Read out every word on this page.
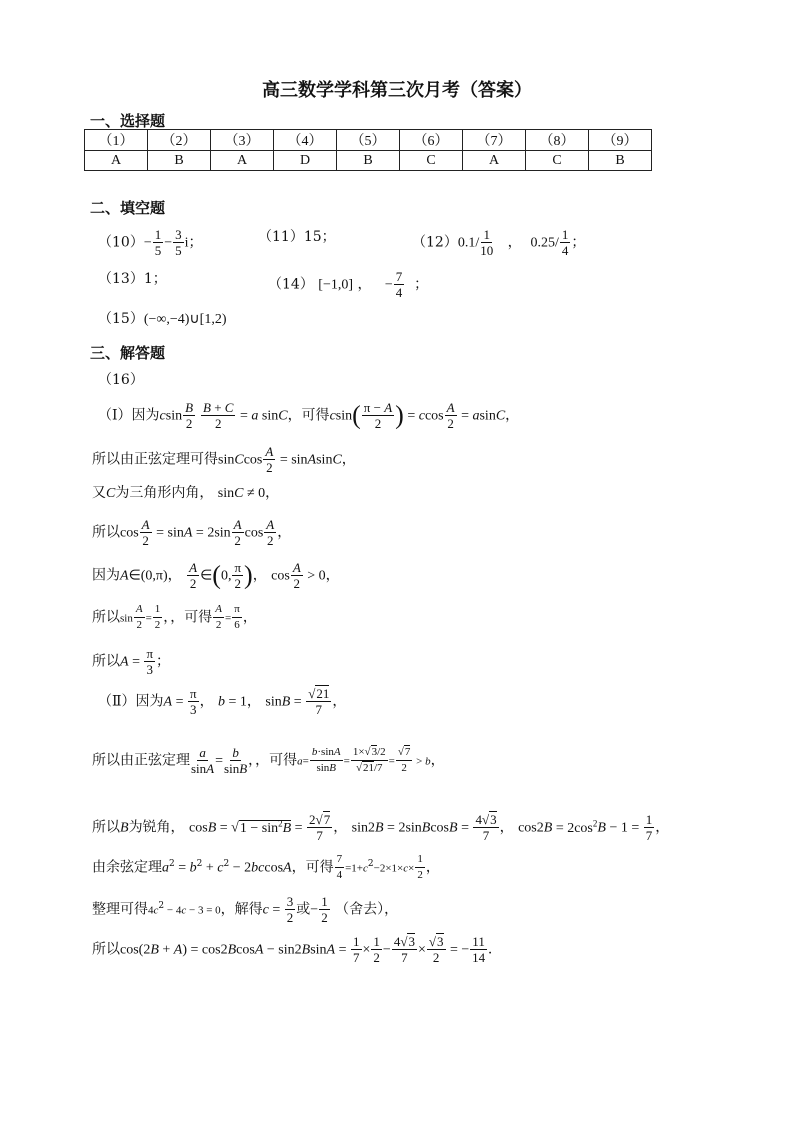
高三数学学科第三次月考（答案）
一、选择题
（1）	（2）	（3）	（4）	（5）	（6）	（7）	（8）	（9）
A	B	A	D	B	C	A	C	B
二、填空题
$(10)- \frac{1}{5} - \frac{3}{5}$ i；	（11）15；	$(12)0.1/ \frac{1}{10}$ ，  $0.25/ \frac{1}{4}$ ；
（13）1；	（14） [−1,0] ，   − $\frac{7}{4}$ ；
（15）(−∞,−4)∪[1,2)
三、解答题
（16）
（Ⅰ）因为csin $\frac{B}{2} \frac{B + C}{2} = a$ sinC，可得$csin( \frac{\pi - A}{2}$ ) = ccos $\frac{A}{2} = asinC$，
所以由正弦定理可得sinCcos $\frac{A}{2}$ = sinAsinC，
又C为三角形内角， sinC ≠ 0，
所以$\cos \frac{A}{2} = \sin A = 2\sin \frac{A}{2}$ $\cos \frac{A}{2}$ ，
因为A∈(0,π)， $\frac{A}{2}$ ∈(0, $\frac{\pi}{2}$ )， $\cos \frac{A}{2} > 0$，
所以$\sin \frac{A}{2} = \frac{1}{2}$ ，，可得 $\frac{A}{2} = \frac{\pi}{6}$ ，
所以$A = \frac{\pi}{3}$ ；
（Ⅱ）因为$A = \frac{\pi}{3}$ ， b = 1， $\sin B = \frac{√21}{7}$ ，
所以由正弦定理 $\frac{a}{\sin A} = \frac{b}{\sin B}$ ，，可得$a= \frac{b\cdot\sin A}{\sin B} = \frac{1\times√3/2}{√21/7} = \frac{√7}{2} > b$，
所以B为锐角， $\cos B = √1 - \sin^2B = \frac{2√7}{7}$ ， sin2B = 2sinBcosB = $\frac{4√3}{7}$ ， $\cos 2B = 2\cos^2B - 1 = \frac{1}{7}$ ，
由余弦定理$a^2 = b^2 + c^2 - 2bccosA$，可得 $\frac{7}{4} =1+c^2-2\times 1\times c\times \frac{1}{2}$ ，
整理可得$4c^2 - 4c - 3 = 0$，解得$c = \frac{3}{2}$ 或− $\frac{1}{2}$ （舍去），
所以$\cos(2B + A) = \cos 2BcosA - \sin 2BsinA = \frac{1}{7} \times \frac{1}{2} - \frac{4√3}{7} \times \frac{√3}{2}$ = − $\frac{11}{14}$ .
